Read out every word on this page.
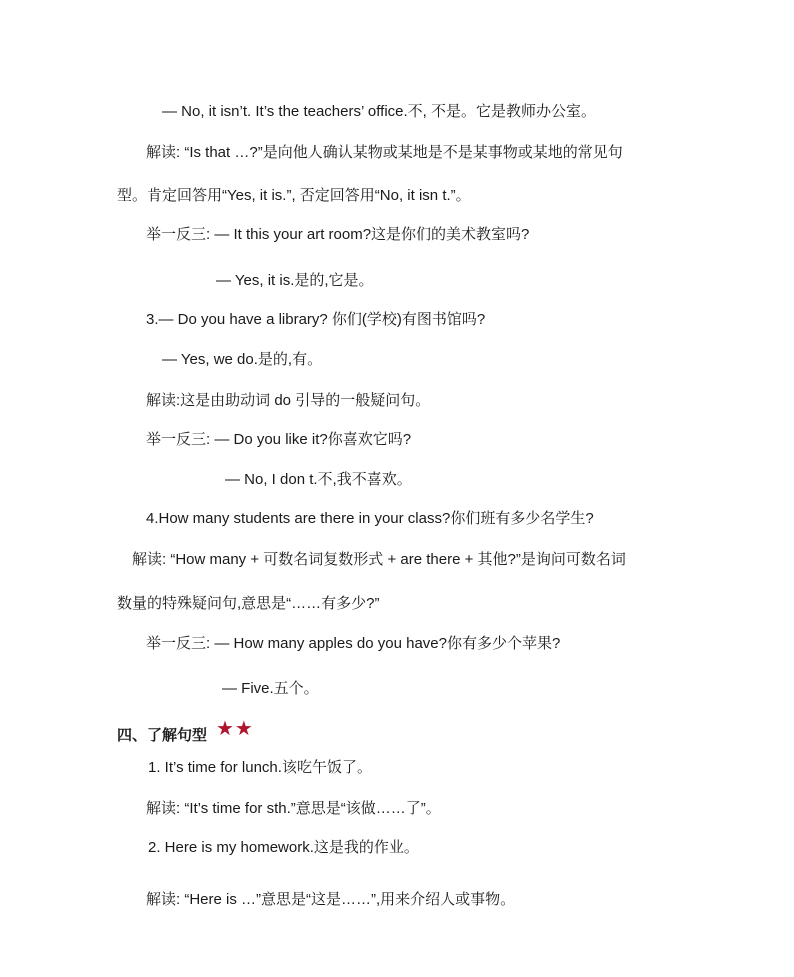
— No, it isn’t. It’s the teachers’ office.不, 不是。它是教师办公室。
解读: “Is that …?”是向他人确认某物或某地是不是某事物或某地的常见句
型。肯定回答用“Yes, it is.”, 否定回答用“No, it isn t.”。
举一反三: — It this your art room?这是你们的美术教室吗?
— Yes, it is.是的,它是。
3.— Do you have a library? 你们(学校)有图书馆吗?
— Yes, we do.是的,有。
解读:这是由助动词 do 引导的一般疑问句。
举一反三: — Do you like it?你喜欢它吗?
— No, I don t.不,我不喜欢。
4.How many students are there in your class?你们班有多少名学生?
解读: “How many + 可数名词复数形式 + are there + 其他?”是询问可数名词
数量的特殊疑问句,意思是“……有多少?”
举一反三: — How many apples do you have?你有多少个苹果?
— Five.五个。
四、了解句型 ★★
1. It’s time for lunch.该吃午饭了。
解读: “It’s time for sth.”意思是“该做……了”。
2. Here is my homework.这是我的作业。
解读: “Here is …”意思是“这是……”,用来介绍人或事物。
